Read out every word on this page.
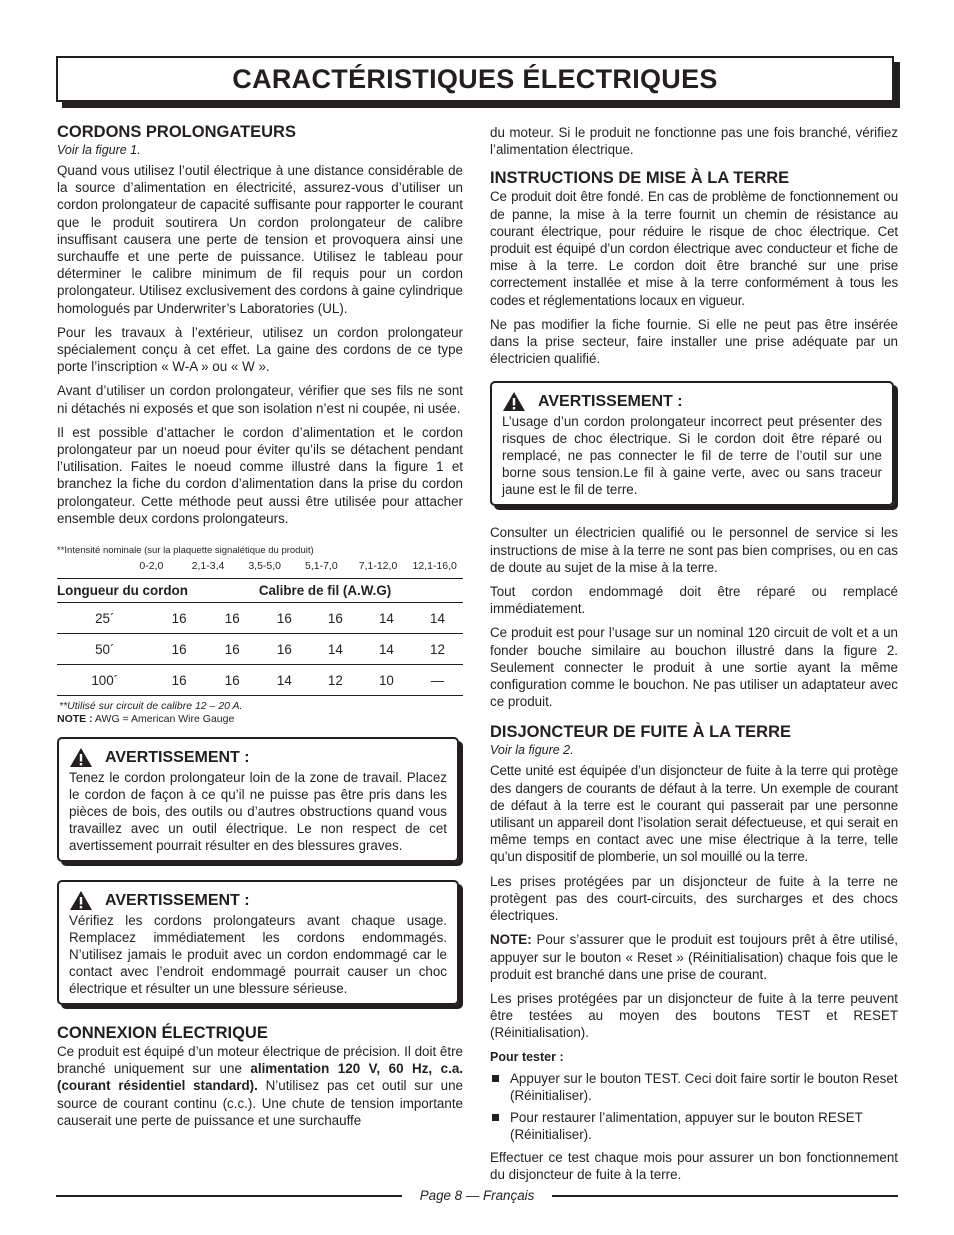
CARACTÉRISTIQUES ÉLECTRIQUES
CORDONS PROLONGATEURS
Voir la figure 1.

Quand vous utilisez l’outil électrique à une distance considérable de la source d’alimentation en électricité, assurez-vous d’utiliser un cordon prolongateur de capacité suffisante pour rapporter le courant que le produit soutirera Un cordon prolongateur de calibre insuffisant causera une perte de tension et provoquera ainsi une surchauffe et une perte de puissance. Utilisez le tableau pour déterminer le calibre minimum de fil requis pour un cordon prolongateur. Utilisez exclusivement des cordons à gaine cylindrique homologués par Underwriter’s Laboratories (UL).

Pour les travaux à l’extérieur, utilisez un cordon prolongateur spécialement conçu à cet effet. La gaine des cordons de ce type porte l’inscription « W-A » ou « W ».

Avant d’utiliser un cordon prolongateur, vérifier que ses fils ne sont ni détachés ni exposés et que son isolation n’est ni coupée, ni usée.

Il est possible d’attacher le cordon d’alimentation et le cordon prolongateur par un noeud pour éviter qu’ils se détachent pendant l’utilisation. Faites le noeud comme illustré dans la figure 1 et branchez la fiche du cordon d’alimentation dans la prise du cordon prolongateur. Cette méthode peut aussi être utilisée pour attacher ensemble deux cordons prolongateurs.

**Intensité nominale (sur la plaquette signalétique du produit)
0-2,0	2,1-3,4	3,5-5,0	5,1-7,0	7,1-12,0	12,1-16,0
Longueur du cordon			Calibre de fil (A.W.G)			
25´	16	16	16	16	14	14
50´	16	16	16	14	14	12
100´	16	16	14	12	10	—
**Utilisé sur circuit de calibre 12 – 20 A.
NOTE : AWG = American Wire Gauge
AVERTISSEMENT :

Tenez le cordon prolongateur loin de la zone de travail. Placez le cordon de façon à ce qu’il ne puisse pas être pris dans les pièces de bois, des outils ou d’autres obstructions quand vous travaillez avec un outil électrique. Le non respect de cet avertissement pourrait résulter en des blessures graves.

AVERTISSEMENT :

Vérifiez les cordons prolongateurs avant chaque usage. Remplacez immédiatement les cordons endommagés. N’utilisez jamais le produit avec un cordon endommagé car le contact avec l’endroit endommagé pourrait causer un choc électrique et résulter un une blessure sérieuse.

CONNEXION ÉLECTRIQUE

Ce produit est équipé d’un moteur électrique de précision. Il doit être branché uniquement sur une alimentation 120 V, 60 Hz, c.a. (courant résidentiel standard). N’utilisez pas cet outil sur une source de courant continu (c.c.). Une chute de tension importante causerait une perte de puissance et une surchauffe

du moteur. Si le produit ne fonctionne pas une fois branché, vérifiez l’alimentation électrique.

INSTRUCTIONS DE MISE À LA TERRE

Ce produit doit être fondé. En cas de problème de fonctionnement ou de panne, la mise à la terre fournit un chemin de résistance au courant électrique, pour réduire le risque de choc électrique. Cet produit est équipé d’un cordon électrique avec conducteur et fiche de mise à la terre. Le cordon doit être branché sur une prise correctement installée et mise à la terre conformément à tous les codes et réglementations locaux en vigueur.

Ne pas modifier la fiche fournie. Si elle ne peut pas être insérée dans la prise secteur, faire installer une prise adéquate par un électricien qualifié.

AVERTISSEMENT :

L’usage d’un cordon prolongateur incorrect peut présenter des risques de choc électrique. Si le cordon doit être réparé ou remplacé, ne pas connecter le fil de terre de l’outil sur une borne sous tension.Le fil à gaine verte, avec ou sans traceur jaune est le fil de terre.

Consulter un électricien qualifié ou le personnel de service si les instructions de mise à la terre ne sont pas bien comprises, ou en cas de doute au sujet de la mise à la terre.

Tout cordon endommagé doit être réparé ou remplacé immédiatement.

Ce produit est pour l’usage sur un nominal 120 circuit de volt et a un fonder bouche similaire au bouchon illustré dans la figure 2. Seulement connecter le produit à une sortie ayant la même configuration comme le bouchon. Ne pas utiliser un adaptateur avec ce produit.

DISJONCTEUR DE FUITE À LA TERRE
Voir la figure 2.

Cette unité est équipée d’un disjoncteur de fuite à la terre qui protège des dangers de courants de défaut à la terre. Un exemple de courant de défaut à la terre est le courant qui passerait par une personne utilisant un appareil dont l’isolation serait défectueuse, et qui serait en même temps en contact avec une mise électrique à la terre, telle qu’un dispositif de plomberie, un sol mouillé ou la terre.

Les prises protégées par un disjoncteur de fuite à la terre ne protègent pas des court-circuits, des surcharges et des chocs électriques.

NOTE: Pour s’assurer que le produit est toujours prêt à être utilisé, appuyer sur le bouton « Reset » (Réinitialisation) chaque fois que le produit est branché dans une prise de courant.

Les prises protégées par un disjoncteur de fuite à la terre peuvent être testées au moyen des boutons TEST et RESET (Réinitialisation).

Pour tester :

Appuyer sur le bouton TEST. Ceci doit faire sortir le bouton Reset (Réinitialiser).
Pour restaurer l’alimentation, appuyer sur le bouton RESET (Réinitialiser).

Effectuer ce test chaque mois pour assurer un bon fonctionnement du disjoncteur de fuite à la terre.

Page 8 — Français
